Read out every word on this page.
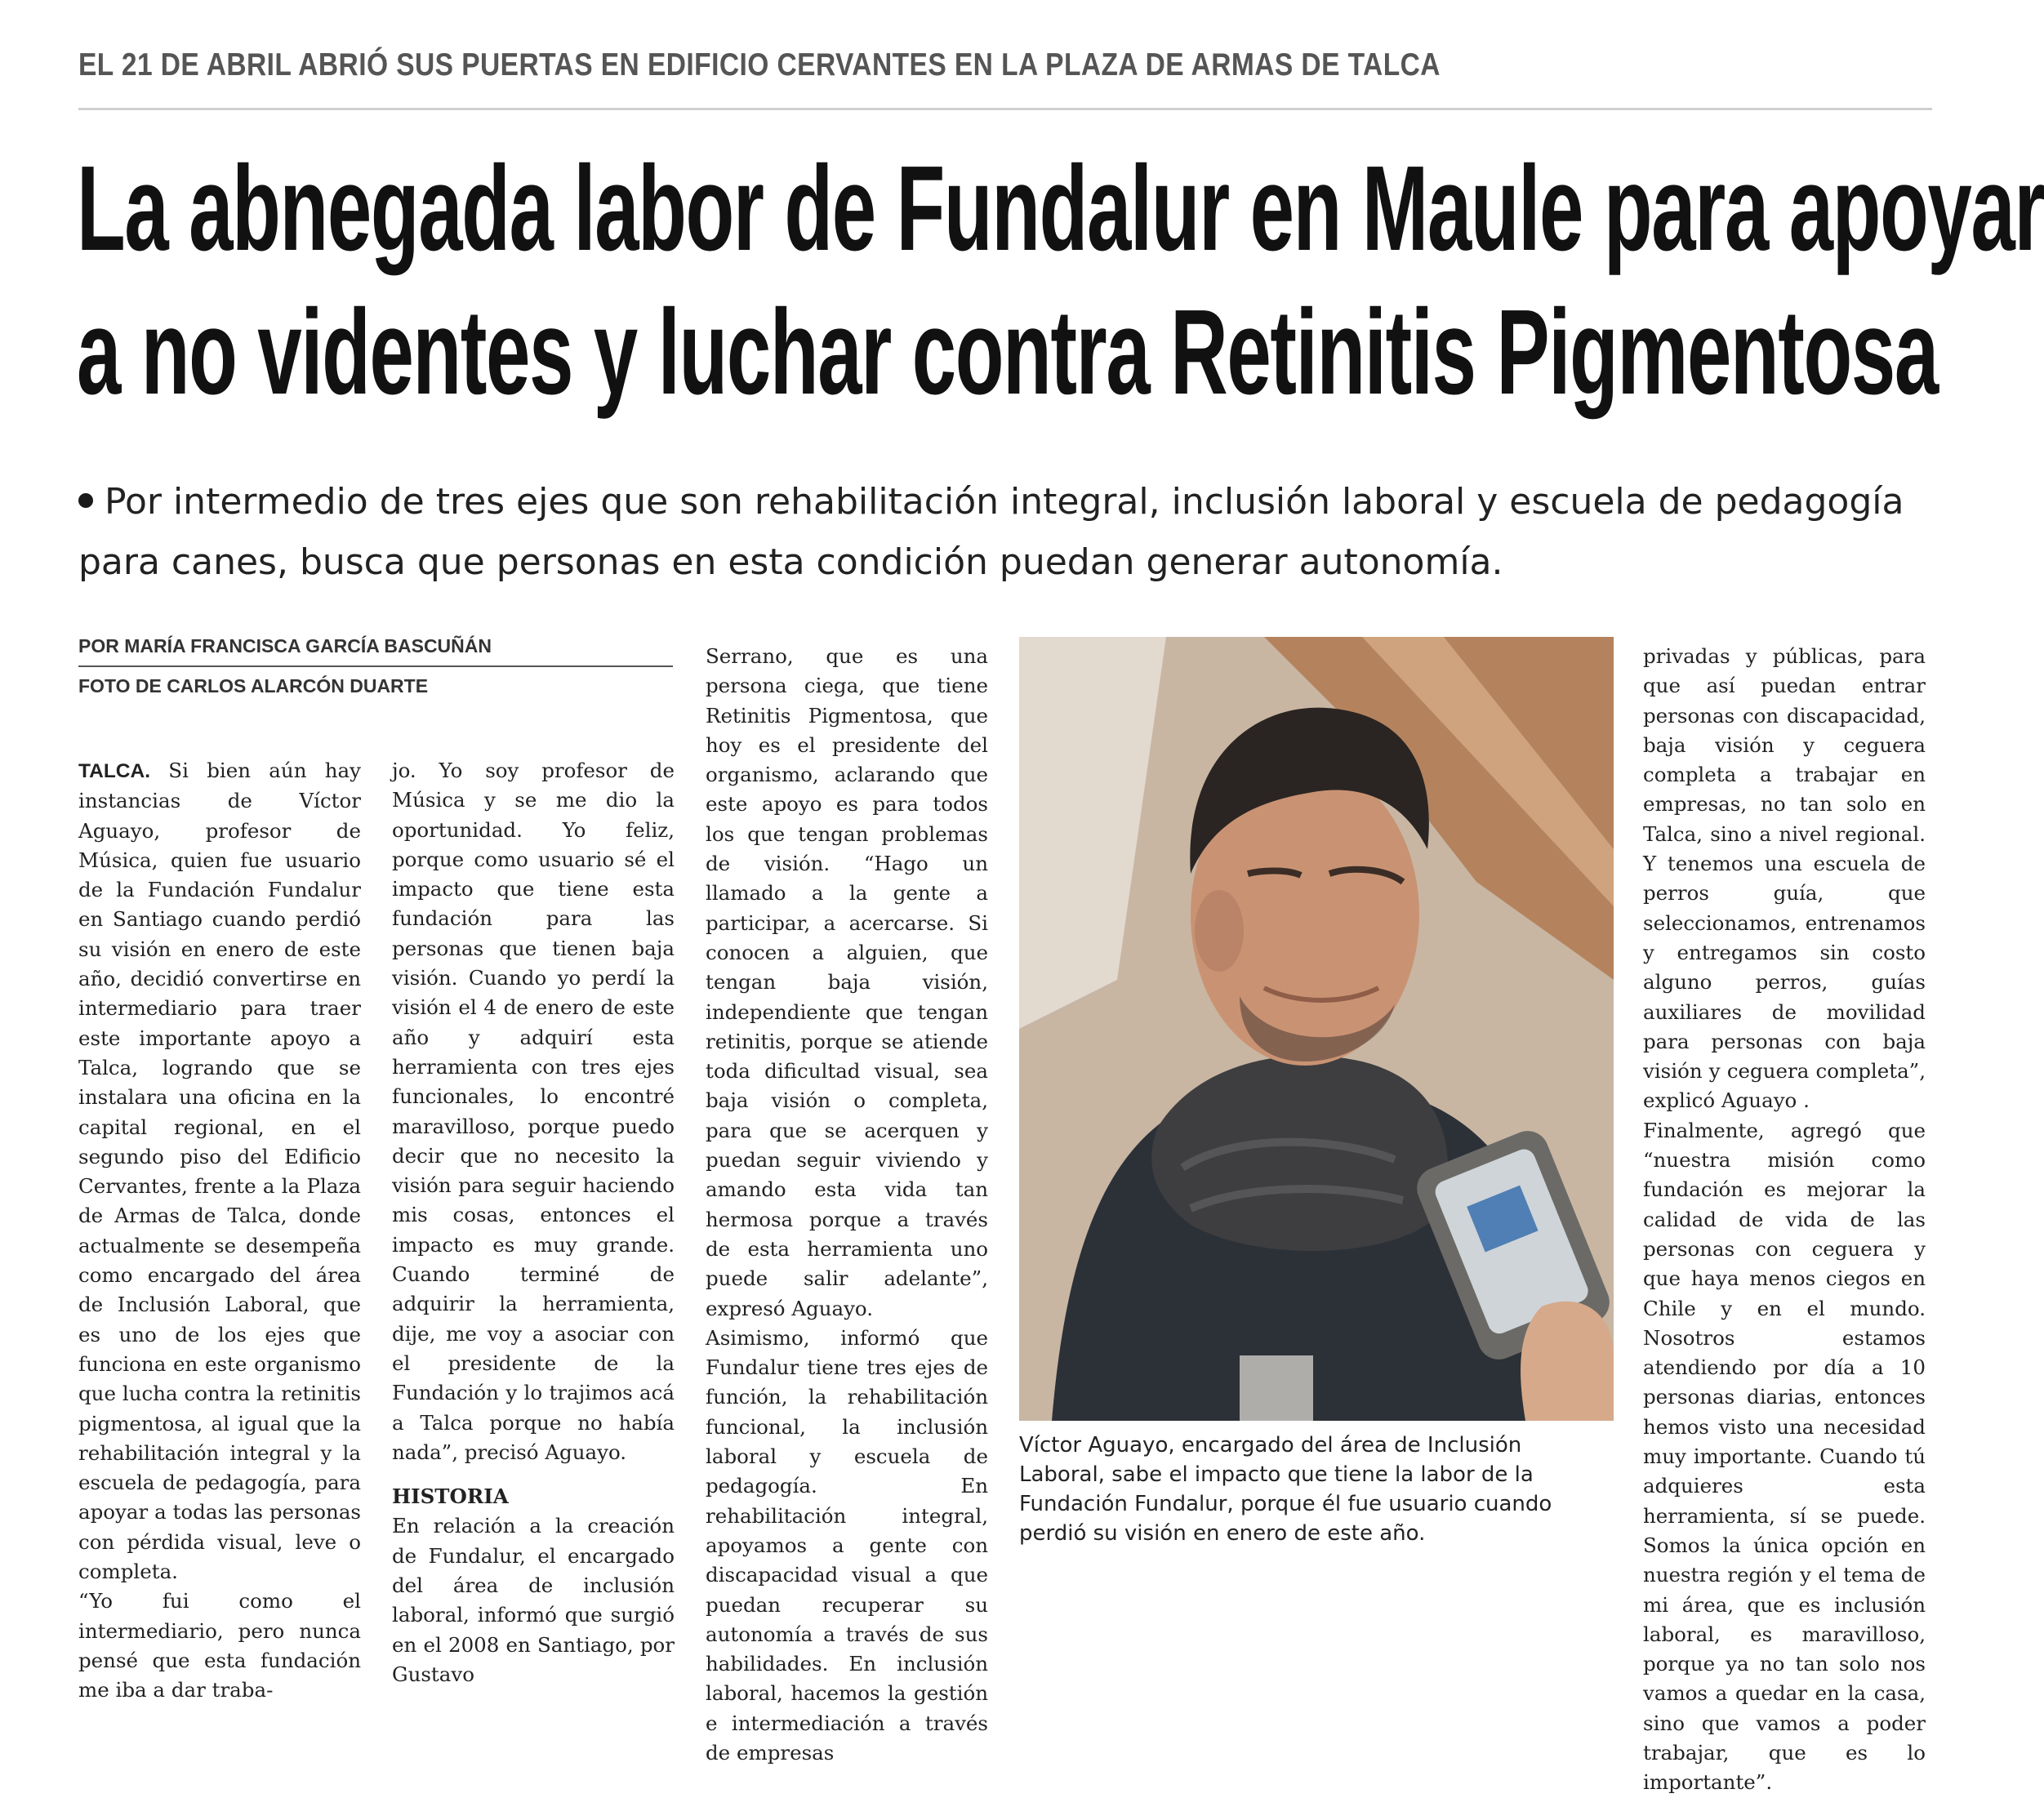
EL 21 DE ABRIL ABRIÓ SUS PUERTAS EN EDIFICIO CERVANTES EN LA PLAZA DE ARMAS DE TALCA
La abnegada labor de Fundalur en Maule para apoyar
a no videntes y luchar contra Retinitis Pigmentosa
Por intermedio de tres ejes que son rehabilitación integral, inclusión laboral y escuela de pedagogía para canes, busca que personas en esta condición puedan generar autonomía.
POR MARÍA FRANCISCA GARCÍA BASCUÑÁN
FOTO DE CARLOS ALARCÓN DUARTE

TALCA. Si bien aún hay instancias de Víctor Aguayo, profesor de Música, quien fue usuario de la Fundación Fundalur en Santiago cuando perdió su visión en enero de este año, decidió convertirse en intermediario para traer este importante apoyo a Talca, logrando que se instalara una oficina en la capital regional, en el segundo piso del Edificio Cervantes, frente a la Plaza de Armas de Talca, donde actualmente se desempeña como encargado del área de Inclusión Laboral, que es uno de los ejes que funciona en este organismo que lucha contra la retinitis pigmentosa, al igual que la rehabilitación integral y la escuela de pedagogía, para apoyar a todas las personas con pérdida visual, leve o completa.

“Yo fui como el intermediario, pero nunca pensé que esta fundación me iba a dar traba-

jo. Yo soy profesor de Música y se me dio la oportunidad. Yo feliz, porque como usuario sé el impacto que tiene esta fundación para las personas que tienen baja visión. Cuando yo perdí la visión el 4 de enero de este año y adquirí esta herramienta con tres ejes funcionales, lo encontré maravilloso, porque puedo decir que no necesito la visión para seguir haciendo mis cosas, entonces el impacto es muy grande. Cuando terminé de adquirir la herramienta, dije, me voy a asociar con el presidente de la Fundación y lo trajimos acá a Talca porque no había nada”, precisó Aguayo.

HISTORIA

En relación a la creación de Fundalur, el encargado del área de inclusión laboral, informó que surgió en el 2008 en Santiago, por Gustavo

Serrano, que es una persona ciega, que tiene Retinitis Pigmentosa, que hoy es el presidente del organismo, aclarando que este apoyo es para todos los que tengan problemas de visión. “Hago un llamado a la gente a participar, a acercarse. Si conocen a alguien, que tengan baja visión, independiente que tengan retinitis, porque se atiende toda dificultad visual, sea baja visión o completa, para que se acerquen y puedan seguir viviendo y amando esta vida tan hermosa porque a través de esta herramienta uno puede salir adelante”, expresó Aguayo.

Asimismo, informó que Fundalur tiene tres ejes de función, la rehabilitación funcional, la inclusión laboral y escuela de pedagogía. En rehabilitación integral, apoyamos a gente con discapacidad visual a que puedan recuperar su autonomía a través de sus habilidades. En inclusión laboral, hacemos la gestión e intermediación a través de empresas

Víctor Aguayo, encargado del área de Inclusión Laboral, sabe el impacto que tiene la labor de la Fundación Fundalur, porque él fue usuario cuando perdió su visión en enero de este año.

privadas y públicas, para que así puedan entrar personas con discapacidad, baja visión y ceguera completa a trabajar en empresas, no tan solo en Talca, sino a nivel regional. Y tenemos una escuela de perros guía, que seleccionamos, entrenamos y entregamos sin costo alguno perros, guías auxiliares de movilidad para personas con baja visión y ceguera completa”, explicó Aguayo .

Finalmente, agregó que “nuestra misión como fundación es mejorar la calidad de vida de las personas con ceguera y que haya menos ciegos en Chile y en el mundo. Nosotros estamos atendiendo por día a 10 personas diarias, entonces hemos visto una necesidad muy importante. Cuando tú adquieres esta herramienta, sí se puede. Somos la única opción en nuestra región y el tema de mi área, que es inclusión laboral, es maravilloso, porque ya no tan solo nos vamos a quedar en la casa, sino que vamos a poder trabajar, que es lo importante”.
